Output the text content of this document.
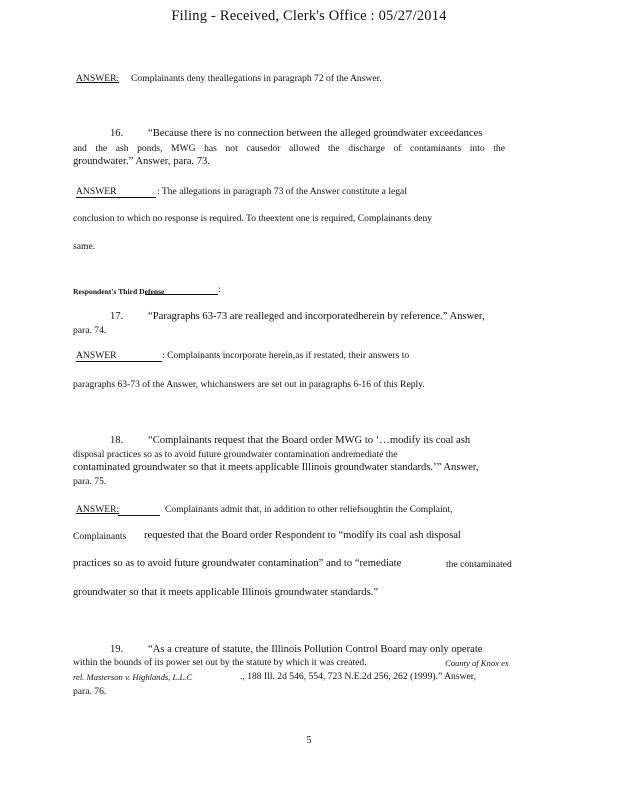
Filing - Received, Clerk's Office : 05/27/2014
ANSWER: Complainants deny theallegations in paragraph 72 of the Answer.
16. “Because there is no connection between the alleged groundwater exceedances
and the ash ponds, MWG has not causedor allowed the discharge of contaminants into the
groundwater.” Answer, para. 73.
ANSWER	: The allegations in paragraph 73 of the Answer constitute a legal
conclusion to which no response is required. To theextent one is required, Complainants deny
same.
Respondent's Third Defense	:
17. “Paragraphs 63-73 are realleged and incorporatedherein by reference.” Answer,
para. 74.
ANSWER	: Complainants incorporate herein,as if restated, their answers to
paragraphs 63-73 of the Answer, whichanswers are set out in paragraphs 6-16 of this Reply.
18. “Complainants request that the Board order MWG to ‘…modify its coal ash
disposal practices so as to avoid future groundwater contamination andremediate the
contaminated groundwater so that it meets applicable Illinois groundwater standards.’” Answer,
para. 75.
ANSWER:	Complainants admit that, in addition to other reliefsoughtin the Complaint,
Complainants requested that the Board order Respondent to “modify its coal ash disposal
practices so as to avoid future groundwater contamination” and to “remediate	the contaminated
groundwater so that it meets applicable Illinois groundwater standards.”
19. “As a creature of statute, the Illinois Pollution Control Board may only operate
within the bounds of its power set out by the statute by which it was created.	County of Knox ex
rel. Masterson v. Highlands, L.L.C	., 188 Ill. 2d 546, 554, 723 N.E.2d 256, 262 (1999).” Answer,
para. 76.
5
